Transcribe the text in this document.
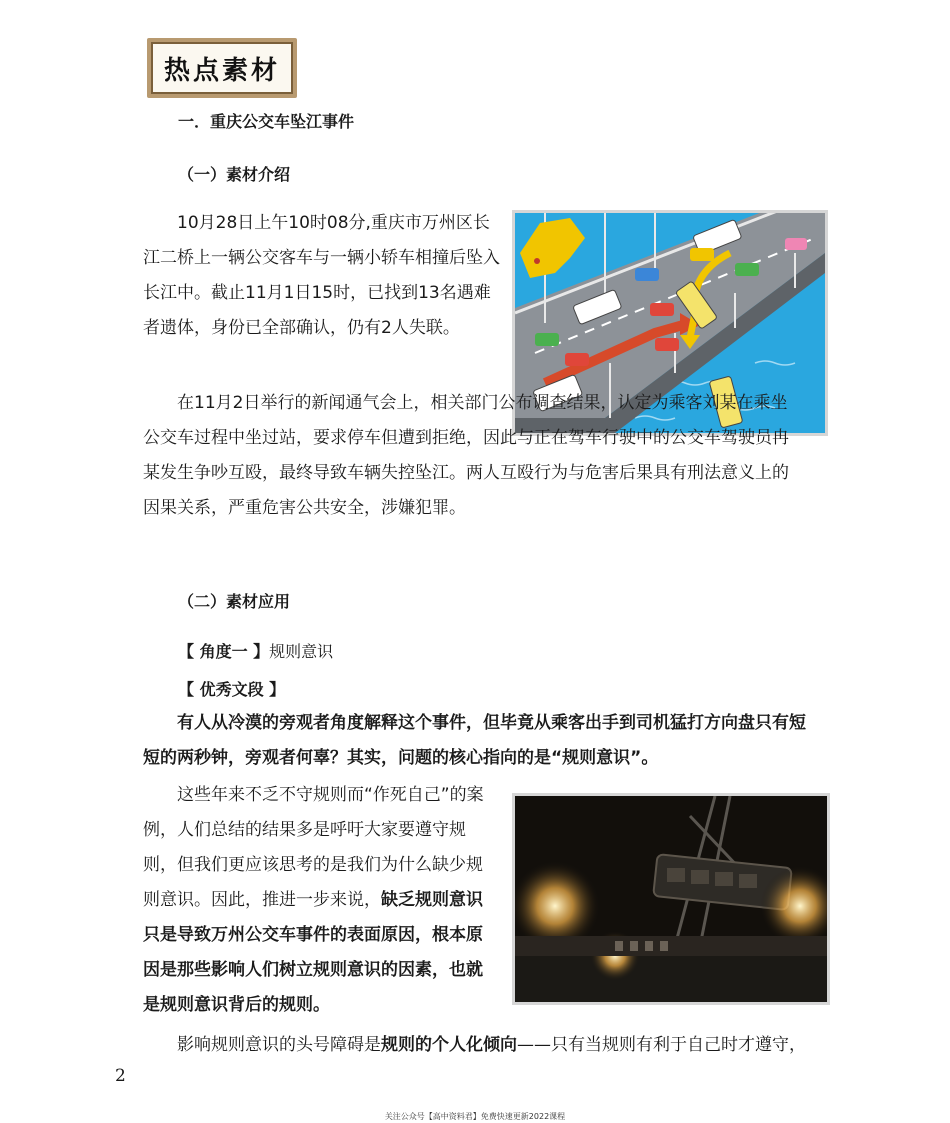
热点素材
一．重庆公交车坠江事件
（一）素材介绍
10月28日上午10时08分,重庆市万州区长江二桥上一辆公交客车与一辆小轿车相撞后坠入长江中。截止11月1日15时，已找到13名遇难者遗体，身份已全部确认，仍有2人失联。
在11月2日举行的新闻通气会上，相关部门公布调查结果，认定为乘客刘某在乘坐公交车过程中坐过站，要求停车但遭到拒绝，因此与正在驾车行驶中的公交车驾驶员冉某发生争吵互殴，最终导致车辆失控坠江。两人互殴行为与危害后果具有刑法意义上的因果关系，严重危害公共安全，涉嫌犯罪。
（二）素材应用
【 角度一 】规则意识
【 优秀文段 】
有人从冷漠的旁观者角度解释这个事件，但毕竟从乘客出手到司机猛打方向盘只有短短的两秒钟，旁观者何辜？其实，问题的核心指向的是“规则意识”。
这些年来不乏不守规则而“作死自己”的案例，人们总结的结果多是呼吁大家要遵守规则，但我们更应该思考的是我们为什么缺少规则意识。因此，推进一步来说，缺乏规则意识只是导致万州公交车事件的表面原因，根本原因是那些影响人们树立规则意识的因素，也就是规则意识背后的规则。
影响规则意识的头号障碍是规则的个人化倾向——只有当规则有利于自己时才遵守，
2
关注公众号【高中资料君】免费快速更新2022课程
